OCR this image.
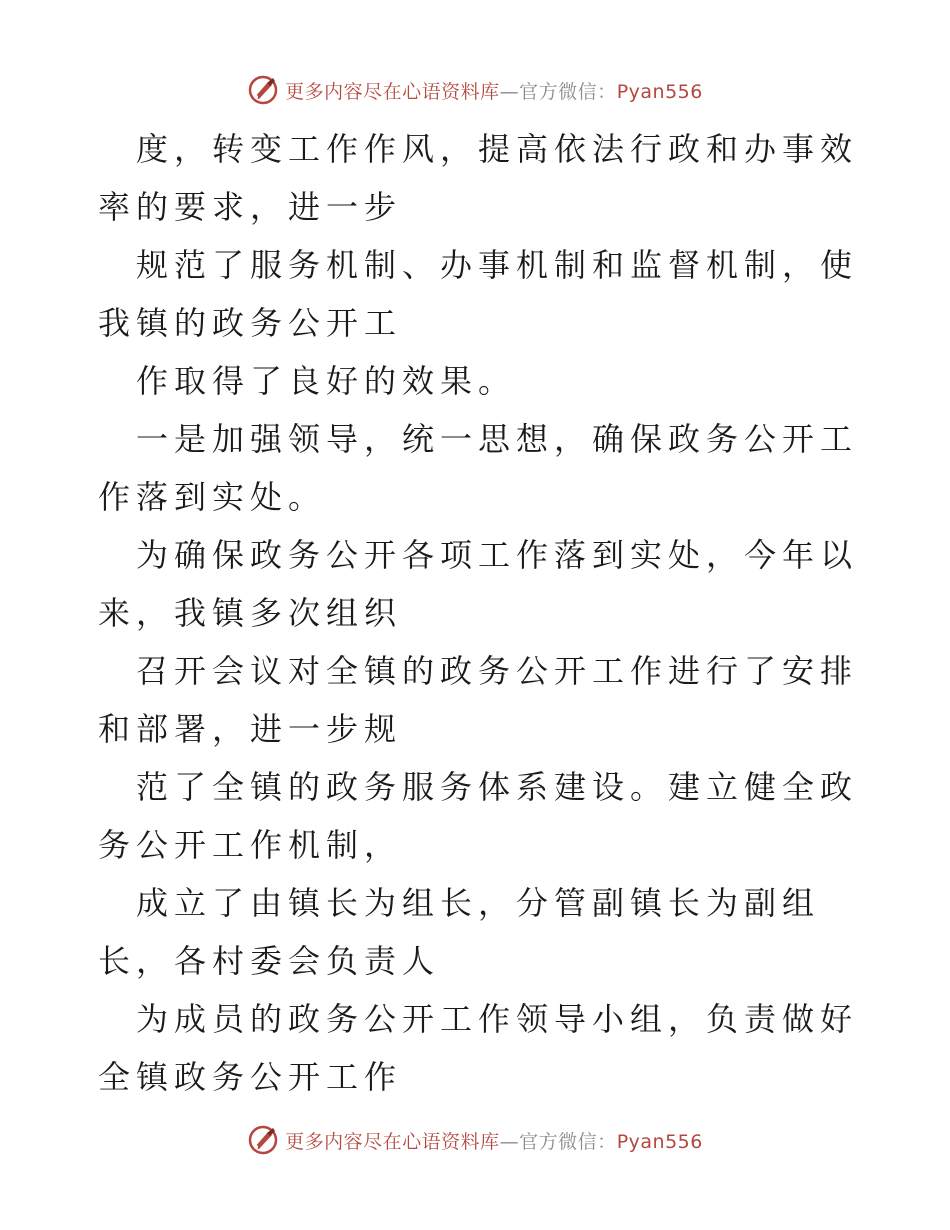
更多内容尽在心语资料库—官方微信：Pyan556

度，转变工作作风，提高依法行政和办事效率的要求，进一步

规范了服务机制、办事机制和监督机制，使我镇的政务公开工

作取得了良好的效果。

一是加强领导，统一思想，确保政务公开工作落到实处。

为确保政务公开各项工作落到实处，今年以来，我镇多次组织

召开会议对全镇的政务公开工作进行了安排和部署，进一步规

范了全镇的政务服务体系建设。建立健全政务公开工作机制，

成立了由镇长为组长，分管副镇长为副组长，各村委会负责人

为成员的政务公开工作领导小组，负责做好全镇政务公开工作

更多内容尽在心语资料库—官方微信：Pyan556
